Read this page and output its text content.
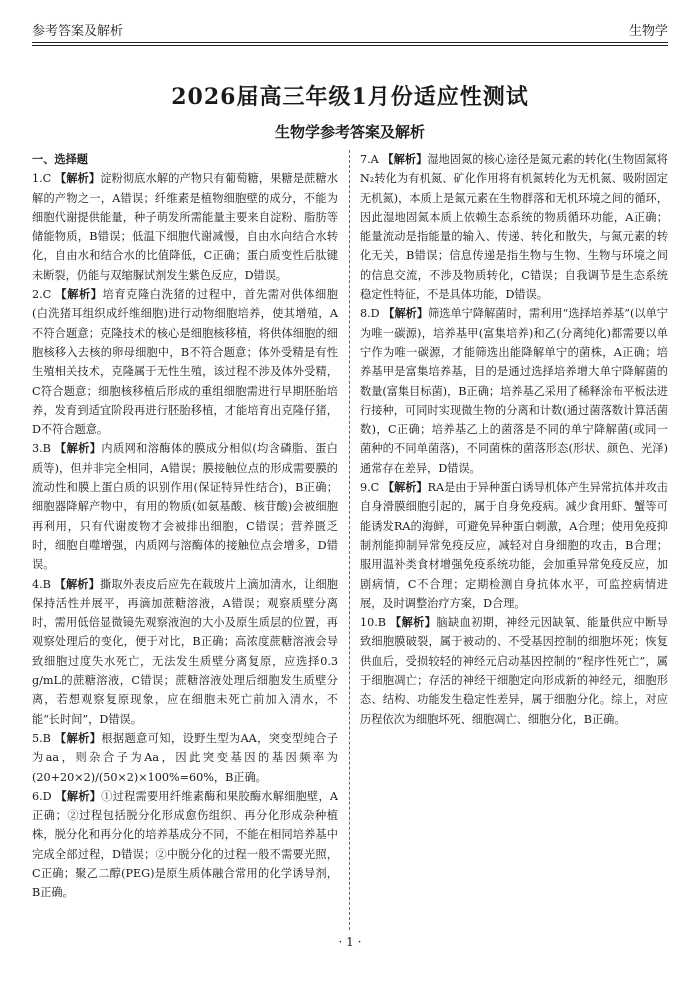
参考答案及解析	生物学
2026届高三年级1月份适应性测试
生物学参考答案及解析

一、选择题

1.C 【解析】淀粉彻底水解的产物只有葡萄糖，果糖是蔗糖水解的产物之一，A错误；纤维素是植物细胞壁的成分，不能为细胞代谢提供能量，种子萌发所需能量主要来自淀粉、脂肪等储能物质，B错误；低温下细胞代谢减慢，自由水向结合水转化，自由水和结合水的比值降低，C正确；蛋白质变性后肽键未断裂，仍能与双缩脲试剂发生紫色反应，D错误。

2.C 【解析】培育克隆白洗猪的过程中，首先需对供体细胞(白洗猪耳组织成纤维细胞)进行动物细胞培养，使其增殖，A不符合题意；克隆技术的核心是细胞核移植，将供体细胞的细胞核移入去核的卵母细胞中，B不符合题意；体外受精是有性生殖相关技术，克隆属于无性生殖，该过程不涉及体外受精，C符合题意；细胞核移植后形成的重组细胞需进行早期胚胎培养，发育到适宜阶段再进行胚胎移植，才能培育出克隆仔猪，D不符合题意。

3.B 【解析】内质网和溶酶体的膜成分相似(均含磷脂、蛋白质等)，但并非完全相同，A错误；膜接触位点的形成需要膜的流动性和膜上蛋白质的识别作用(保证特异性结合)，B正确；细胞器降解产物中，有用的物质(如氨基酸、核苷酸)会被细胞再利用，只有代谢废物才会被排出细胞，C错误；营养匮乏时，细胞自噬增强，内质网与溶酶体的接触位点会增多，D错误。

4.B 【解析】撕取外表皮后应先在载玻片上滴加清水，让细胞保持活性并展平，再滴加蔗糖溶液，A错误；观察质壁分离时，需用低倍显微镜先观察液泡的大小及原生质层的位置，再观察处理后的变化，便于对比，B正确；高浓度蔗糖溶液会导致细胞过度失水死亡，无法发生质壁分离复原，应选择0.3 g/mL的蔗糖溶液，C错误；蔗糖溶液处理后细胞发生质壁分离，若想观察复原现象，应在细胞未死亡前加入清水，不能“长时间”，D错误。

5.B 【解析】根据题意可知，设野生型为AA，突变型纯合子为aa，则杂合子为Aa，因此突变基因的基因频率为(20+20×2)/(50×2)×100%=60%，B正确。

6.D 【解析】①过程需要用纤维素酶和果胶酶水解细胞壁，A正确；②过程包括脱分化形成愈伤组织、再分化形成杂种植株，脱分化和再分化的培养基成分不同，不能在相同培养基中完成全部过程，D错误；②中脱分化的过程一般不需要光照，C正确；聚乙二醇(PEG)是原生质体融合常用的化学诱导剂，B正确。

7.A 【解析】湿地固氮的核心途径是氮元素的转化(生物固氮将N₂转化为有机氮、矿化作用将有机氮转化为无机氮、吸附固定无机氮)，本质上是氮元素在生物群落和无机环境之间的循环，因此湿地固氮本质上依赖生态系统的物质循环功能，A正确；能量流动是指能量的输入、传递、转化和散失，与氮元素的转化无关，B错误；信息传递是指生物与生物、生物与环境之间的信息交流，不涉及物质转化，C错误；自我调节是生态系统稳定性特征，不是具体功能，D错误。

8.D 【解析】筛选单宁降解菌时，需利用“选择培养基”(以单宁为唯一碳源)，培养基甲(富集培养)和乙(分离纯化)都需要以单宁作为唯一碳源，才能筛选出能降解单宁的菌株，A正确；培养基甲是富集培养基，目的是通过选择培养增大单宁降解菌的数量(富集目标菌)，B正确；培养基乙采用了稀释涂布平板法进行接种，可同时实现微生物的分离和计数(通过菌落数计算活菌数)，C正确；培养基乙上的菌落是不同的单宁降解菌(或同一菌种的不同单菌落)，不同菌株的菌落形态(形状、颜色、光泽)通常存在差异，D错误。

9.C 【解析】RA是由于异种蛋白诱导机体产生异常抗体并攻击自身滑膜细胞引起的，属于自身免疫病。减少食用虾、蟹等可能诱发RA的海鲜，可避免异种蛋白刺激，A合理；使用免疫抑制剂能抑制异常免疫反应，减轻对自身细胞的攻击，B合理；服用温补类食材增强免疫系统功能，会加重异常免疫反应，加剧病情，C不合理；定期检测自身抗体水平，可监控病情进展，及时调整治疗方案，D合理。

10.B 【解析】脑缺血初期，神经元因缺氧、能量供应中断导致细胞膜破裂，属于被动的、不受基因控制的细胞坏死；恢复供血后，受损较轻的神经元启动基因控制的“程序性死亡”，属于细胞凋亡；存活的神经干细胞定向形成新的神经元，细胞形态、结构、功能发生稳定性差异，属于细胞分化。综上，对应历程依次为细胞坏死、细胞凋亡、细胞分化，B正确。

· 1 ·
